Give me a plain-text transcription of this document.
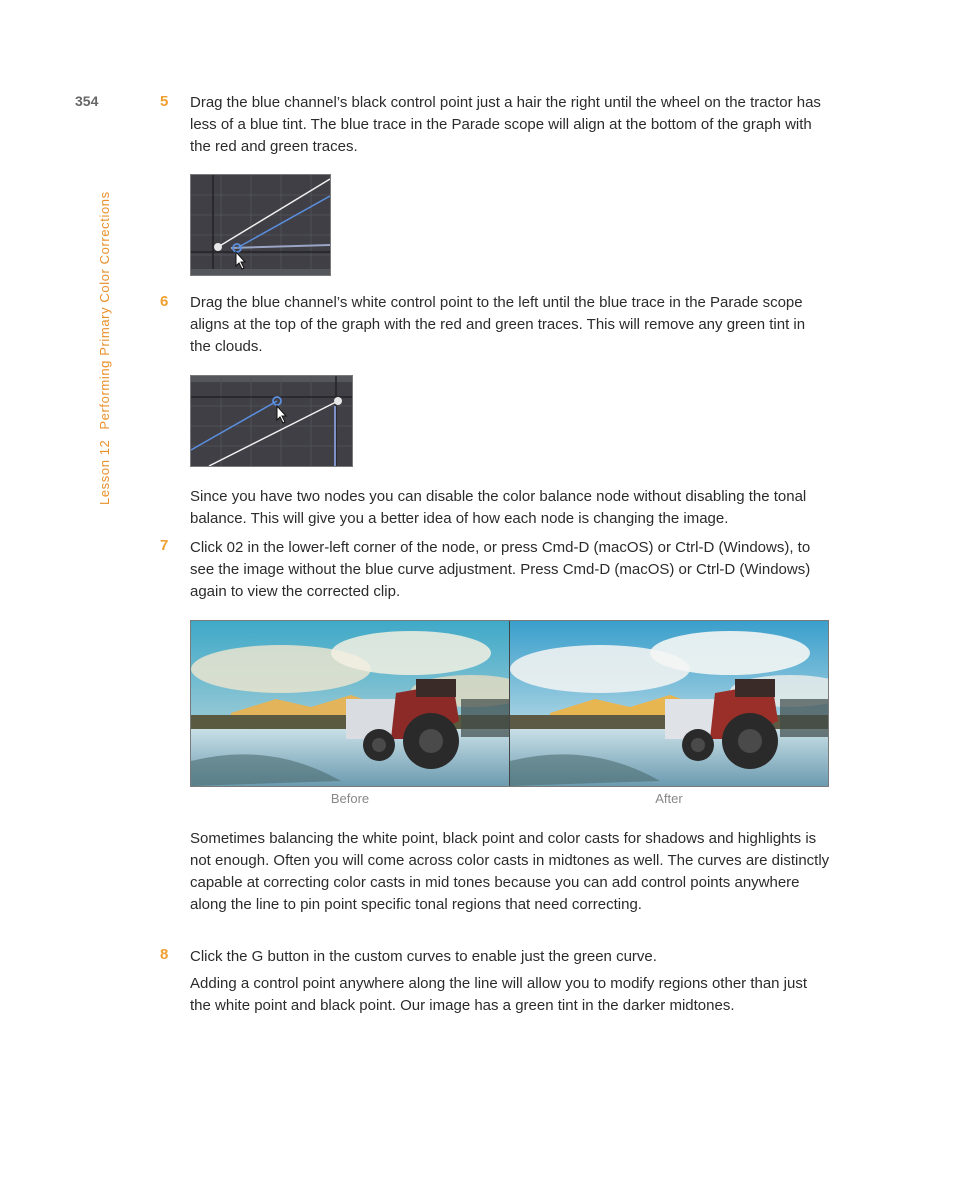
354
Lesson 12Performing Primary Color Corrections
5 Drag the blue channel’s black control point just a hair the right until the wheel on the tractor has less of a blue tint. The blue trace in the Parade scope will align at the bottom of the graph with the red and green traces.

6 Drag the blue channel’s white control point to the left until the blue trace in the Parade scope aligns at the top of the graph with the red and green traces. This will remove any green tint in the clouds.

Since you have two nodes you can disable the color balance node without disabling the tonal balance. This will give you a better idea of how each node is changing the image.

7 Click 02 in the lower-left corner of the node, or press Cmd-D (macOS) or Ctrl-D (Windows), to see the image without the blue curve adjustment. Press Cmd-D (macOS) or Ctrl-D (Windows) again to view the corrected clip.

Before	After

Sometimes balancing the white point, black point and color casts for shadows and highlights is not enough. Often you will come across color casts in midtones as well. The curves are distinctly capable at correcting color casts in mid tones because you can add control points anywhere along the line to pin point specific tonal regions that need correcting.

8 Click the G button in the custom curves to enable just the green curve.

Adding a control point anywhere along the line will allow you to modify regions other than just the white point and black point. Our image has a green tint in the darker midtones.
